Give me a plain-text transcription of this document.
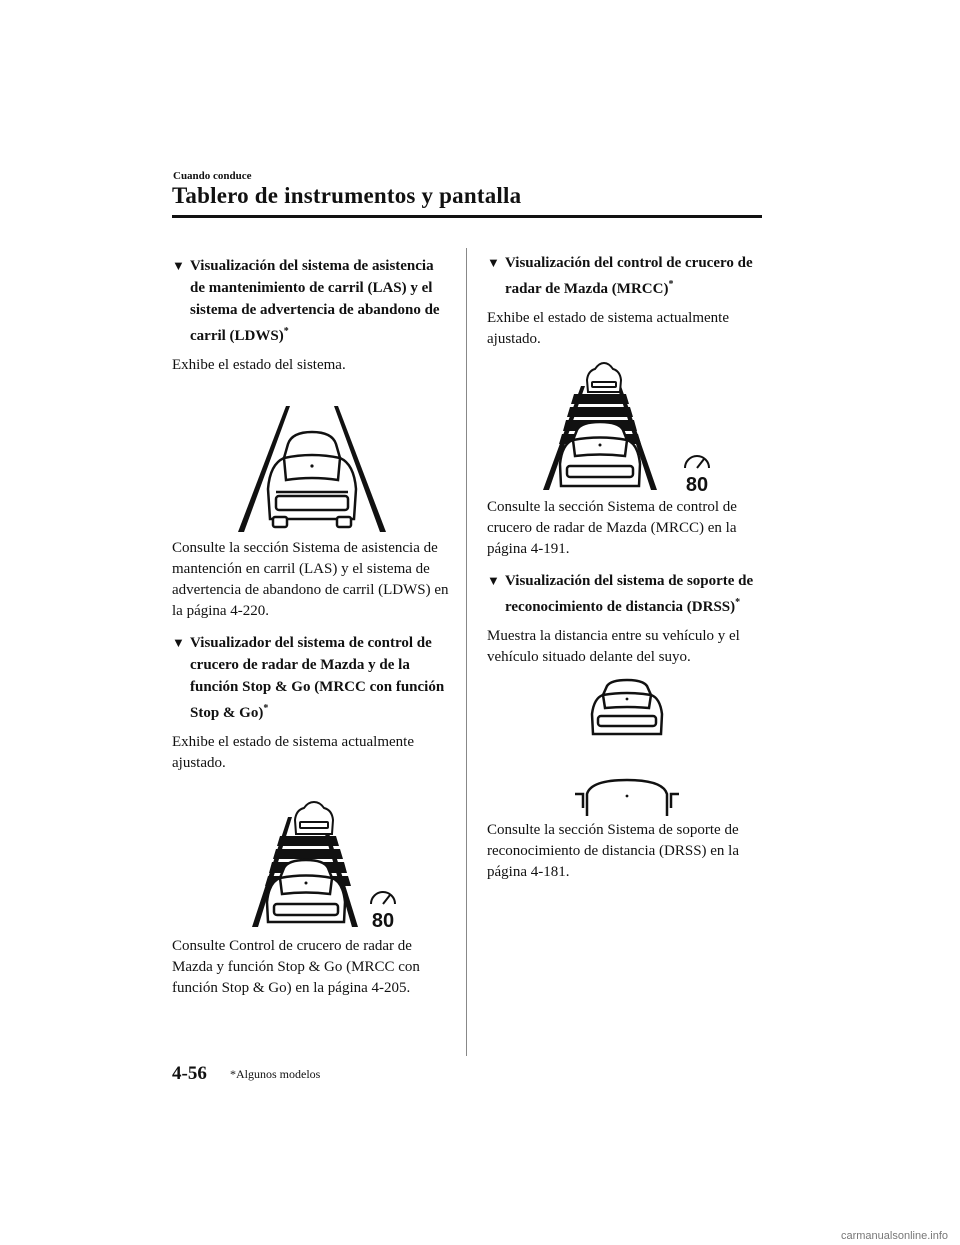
Cuando conduce
Tablero de instrumentos y pantalla
▼ Visualización del sistema de asistencia de mantenimiento de carril (LAS) y el sistema de advertencia de abandono de carril (LDWS)*

Exhibe el estado del sistema.

Consulte la sección Sistema de asistencia de mantención en carril (LAS) y el sistema de advertencia de abandono de carril (LDWS) en la página 4-220.

▼ Visualizador del sistema de control de crucero de radar de Mazda y de la función Stop & Go (MRCC con función Stop & Go)*

Exhibe el estado de sistema actualmente ajustado.

80

Consulte Control de crucero de radar de Mazda y función Stop & Go (MRCC con función Stop & Go) en la página 4-205.

▼ Visualización del control de crucero de radar de Mazda (MRCC)*

Exhibe el estado de sistema actualmente ajustado.

80

Consulte la sección Sistema de control de crucero de radar de Mazda (MRCC) en la página 4-191.

▼ Visualización del sistema de soporte de reconocimiento de distancia (DRSS)*

Muestra la distancia entre su vehículo y el vehículo situado delante del suyo.

Consulte la sección Sistema de soporte de reconocimiento de distancia (DRSS) en la página 4-181.

4-56 *Algunos modelos
carmanualsonline.info
